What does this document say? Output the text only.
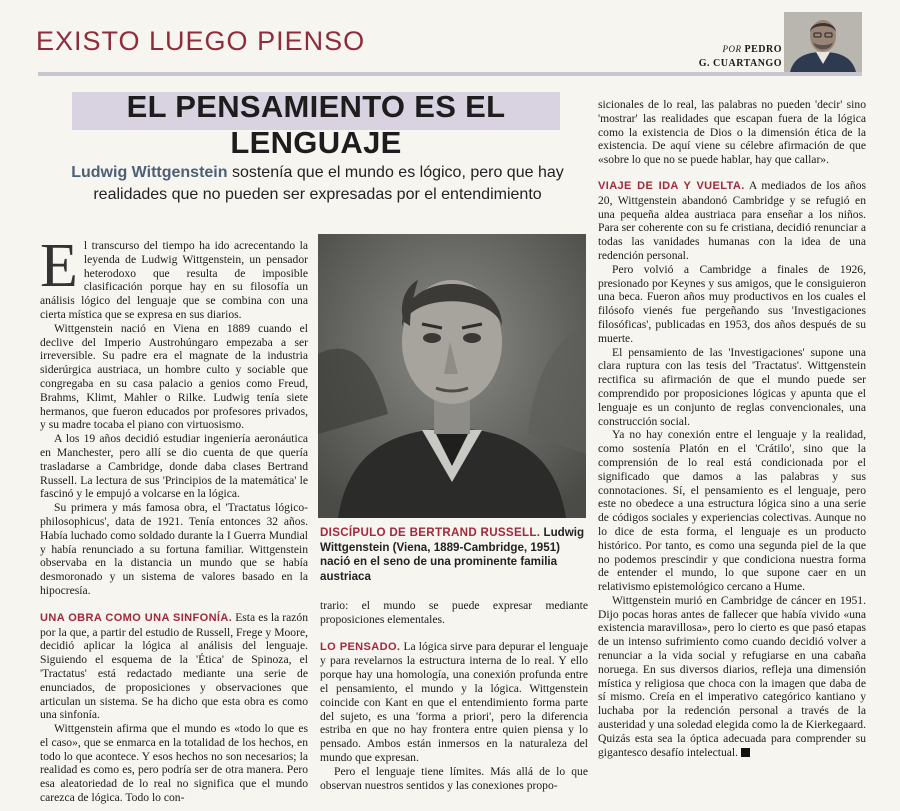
EXISTO LUEGO PIENSO	POR PEDRO
G. CUARTANGO
EL PENSAMIENTO ES EL LENGUAJE
Ludwig Wittgenstein sostenía que el mundo es lógico, pero que hay realidades que no pueden ser expresadas por el entendimiento

El transcurso del tiempo ha ido acrecentando la leyenda de Ludwig Wittgenstein, un pensador heterodoxo que resulta de imposible clasificación porque hay en su filosofía un análisis lógico del lenguaje que se combina con una cierta mística que se expresa en sus diarios.

Wittgenstein nació en Viena en 1889 cuando el declive del Imperio Austrohúngaro empezaba a ser irreversible. Su padre era el magnate de la industria siderúrgica austriaca, un hombre culto y sociable que congregaba en su casa palacio a genios como Freud, Brahms, Klimt, Mahler o Rilke. Ludwig tenía siete hermanos, que fueron educados por profesores privados, y su madre tocaba el piano con virtuosismo.

A los 19 años decidió estudiar ingeniería aeronáutica en Manchester, pero allí se dio cuenta de que quería trasladarse a Cambridge, donde daba clases Bertrand Russell. La lectura de sus 'Principios de la matemática' le fascinó y le empujó a volcarse en la lógica.

Su primera y más famosa obra, el 'Tractatus lógico-philosophicus', data de 1921. Tenía entonces 32 años. Había luchado como soldado durante la I Guerra Mundial y había renunciado a su fortuna familiar. Wittgenstein observaba en la distancia un mundo que se había desmoronado y un sistema de valores basado en la hipocresía.

UNA OBRA COMO UNA SINFONÍA. Esta es la razón por la que, a partir del estudio de Russell, Frege y Moore, decidió aplicar la lógica al análisis del lenguaje. Siguiendo el esquema de la 'Ética' de Spinoza, el 'Tractatus' está redactado mediante una serie de enunciados, de proposiciones y observaciones que articulan un sistema. Se ha dicho que esta obra es como una sinfonía.

Wittgenstein afirma que el mundo es «todo lo que es el caso», que se enmarca en la totalidad de los hechos, en todo lo que acontece. Y esos hechos no son necesarios; la realidad es como es, pero podría ser de otra manera. Pero esa aleatoriedad de lo real no significa que el mundo carezca de lógica. Todo lo con-

DISCÍPULO DE BERTRAND RUSSELL. Ludwig Wittgenstein (Viena, 1889-Cambridge, 1951) nació en el seno de una prominente familia austriaca

trario: el mundo se puede expresar mediante proposiciones elementales.

LO PENSADO. La lógica sirve para depurar el lenguaje y para revelarnos la estructura interna de lo real. Y ello porque hay una homología, una conexión profunda entre el pensamiento, el mundo y la lógica. Wittgenstein coincide con Kant en que el entendimiento forma parte del sujeto, es una 'forma a priori', pero la diferencia estriba en que no hay frontera entre quien piensa y lo pensado. Ambos están inmersos en la naturaleza del mundo que expresan.

Pero el lenguaje tiene límites. Más allá de lo que observan nuestros sentidos y las conexiones propo-

sicionales de lo real, las palabras no pueden 'decir' sino 'mostrar' las realidades que escapan fuera de la lógica como la existencia de Dios o la dimensión ética de la existencia. De aquí viene su célebre afirmación de que «sobre lo que no se puede hablar, hay que callar».

VIAJE DE IDA Y VUELTA. A mediados de los años 20, Wittgenstein abandonó Cambridge y se refugió en una pequeña aldea austriaca para enseñar a los niños. Para ser coherente con su fe cristiana, decidió renunciar a todas las vanidades humanas con la idea de una redención personal.

Pero volvió a Cambridge a finales de 1926, presionado por Keynes y sus amigos, que le consiguieron una beca. Fueron años muy productivos en los cuales el filósofo vienés fue pergeñando sus 'Investigaciones filosóficas', publicadas en 1953, dos años después de su muerte.

El pensamiento de las 'Investigaciones' supone una clara ruptura con las tesis del 'Tractatus'. Wittgenstein rectifica su afirmación de que el mundo puede ser comprendido por proposiciones lógicas y apunta que el lenguaje es un conjunto de reglas convencionales, una construcción social.

Ya no hay conexión entre el lenguaje y la realidad, como sostenía Platón en el 'Crátilo', sino que la comprensión de lo real está condicionada por el significado que damos a las palabras y sus connotaciones. Sí, el pensamiento es el lenguaje, pero este no obedece a una estructura lógica sino a una serie de códigos sociales y experiencias colectivas. Aunque no lo dice de esta forma, el lenguaje es un producto histórico. Por tanto, es como una segunda piel de la que no podemos prescindir y que condiciona nuestra forma de entender el mundo, lo que supone caer en un relativismo epistemológico cercano a Hume.

Wittgenstein murió en Cambridge de cáncer en 1951. Dijo pocas horas antes de fallecer que había vivido «una existencia maravillosa», pero lo cierto es que pasó etapas de un intenso sufrimiento como cuando decidió volver a renunciar a la vida social y refugiarse en una cabaña noruega. En sus diversos diarios, refleja una dimensión mística y religiosa que choca con la imagen que daba de sí mismo. Creía en el imperativo categórico kantiano y luchaba por la redención personal a través de la austeridad y una soledad elegida como la de Kierkegaard. Quizás esta sea la óptica adecuada para comprender su gigantesco desafío intelectual.
